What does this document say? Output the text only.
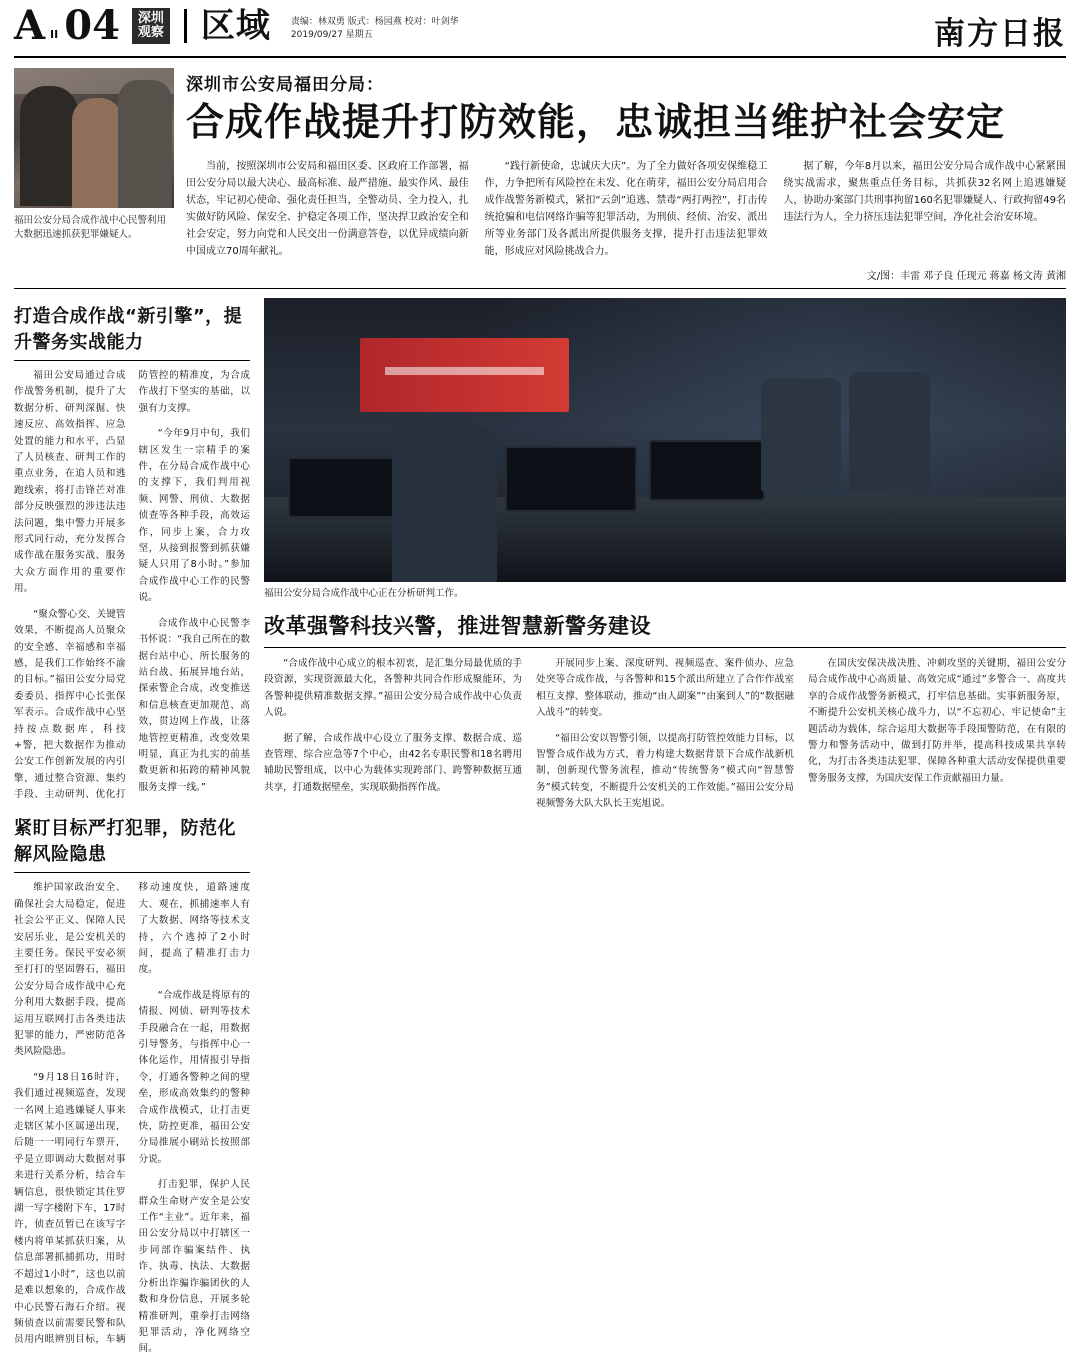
A II 04	深圳
观察 区域 责编：林双勇 版式：杨园燕 校对：叶剑华
2019/09/27 星期五	南方日报
福田公安分局合成作战中心民警利用大数据迅速抓获犯罪嫌疑人。
深圳市公安局福田分局：
合成作战提升打防效能，忠诚担当维护社会安定

当前，按照深圳市公安局和福田区委、区政府工作部署，福田公安分局以最大决心、最高标准、最严措施、最实作风、最佳状态，牢记初心使命、强化责任担当，全警动员、全力投入，扎实做好防风险、保安全、护稳定各项工作，坚决捍卫政治安全和社会安定，努力向党和人民交出一份满意答卷，以优异成绩向新中国成立70周年献礼。

“践行新使命，忠诚庆大庆”。为了全力做好各项安保维稳工作，力争把所有风险控在未发、化在萌芽，福田公安分局启用合成作战警务新模式，紧扣“云剑”追逃、禁毒“两打两控”，打击传统抢骗和电信网络诈骗等犯罪活动，为刑侦、经侦、治安、派出所等业务部门及各派出所提供服务支撑，提升打击违法犯罪效能，形成应对风险挑战合力。

据了解，今年8月以来，福田公安分局合成作战中心紧紧围绕实战需求，聚焦重点任务目标，共抓获32名网上追逃嫌疑人，协助办案部门共刑事拘留160名犯罪嫌疑人、行政拘留49名违法行为人，全力挤压违法犯罪空间，净化社会治安环境。

文/图：丰雷 邓子良 任现元 蒋嘉 杨文涛 黄湘
打造合成作战“新引擎”，提升警务实战能力

福田公安局通过合成作战警务机制，提升了大数据分析、研判深掘、快速反应、高效指挥、应急处置的能力和水平，凸显了人员核查、研判工作的重点业务，在追人员和逃跑线索，将打击锋芒对准部分反映强烈的涉违法违法问题，集中警力开展多形式同行动，充分发挥合成作战在服务实战、服务大众方面作用的重要作用。

“聚众警心交、关键管效果，不断提高人员聚众的安全感、幸福感和幸福感，是我们工作始终不渝的目标。”福田公安分局党委委员、指挥中心长张保军表示。合成作战中心坚持按点数据库，科技+警，把大数据作为推动公安工作创新发展的内引擎，通过整合资源、集约手段、主动研判、优化打防管控的精准度，为合成作战打下坚实的基础，以强有力支撑。

“今年9月中旬，我们辖区发生一宗精手的案件，在分局合成作战中心的支撑下，我们判用视频、网警、刑侦、大数据侦查等各种手段，高效运作，同步上案，合力攻坚，从接到报警到抓获嫌疑人只用了8小时。”参加合成作战中心工作的民警说。

合成作战中心民警李书怀说：“我自己所在的数据台站中心、所长服务的站台战、拓展异地台站，探索警企合成，改变推送和信息核查更加规范、高效，贯边网上作战，让落地管控更精准，改变效果明显，真正为扎实的前基数更新和拓跨的精神风貌服务支撑一线。”

紧盯目标严打犯罪，防范化解风险隐患

维护国家政治安全、确保社会大局稳定，促进社会公平正义、保障人民安居乐业，是公安机关的主要任务。保民平安必须至打打的坚固磐石，福田公安分局合成作战中心充分利用大数据手段，提高运用互联网打击各类违法犯罪的能力，严密防范各类风险隐患。

“9月18日16时许，我们通过视频巡查，发现一名网上追逃嫌疑人事来走辖区某小区属递出现，后随一一明同行车票开，乎是立即调动大数据对事来进行关系分析，结合车辆信息，很快锁定其住罗湖一写字楼附下车，17时许，侦查员暂已在该写字楼内将单某抓获归案，从信息部署抓捕抓功，用时不超过1小时”，这也以前是难以想象的，合成作战中心民警石海石介绍。视频侦查以前需要民警和队员用内眼辨别目标，车辆移动速度快，道路速度大、观在，抓捕速率人有了大数据、网络等技术支持，六个逃掉了2小时间，提高了精准打击力度。

“合成作战是将原有的情报、网侦、研判等技术手段融合在一起，用数据引导警务，与指挥中心一体化运作，用情报引导指令，打通各警种之间的壁垒，形成高效集约的警种合成作战模式，让打击更快，防控更准，福田公安分局推展小刷站长按照部分说。

打击犯罪，保护人民群众生命财产安全是公安工作“主业”。近年来，福田公安分局以中打辖区一步同部诈骗案结件、执诈、执毒、执法、大数据分析出诈骗诈骗团伙的人数和身份信息，开展多轮精准研判，重拳打击网络犯罪活动，净化网络空间。

福田公安分局合成作战中心正在分析研判工作。
改革强警科技兴警，推进智慧新警务建设

“合成作战中心成立的根本初衷，是汇集分局最优质的手段资源，实现资源最大化，各警种共同合作形成聚能环，为各警种提供精准数据支撑。”福田公安分局合成作战中心负责人说。

据了解，合成作战中心设立了服务支撑、数据合成、巡查管理、综合应急等7个中心，由42名专职民警和18名聘用辅助民警组成，以中心为载体实现跨部门、跨警种数据互通共享，打通数据壁垒，实现联勤指挥作战。

开展同步上案、深度研判、视频巡查、案件侦办、应急处突等合成作战，与各警种和15个派出所建立了合作作战室相互支撑、整体联动，推动“由人副案”“由案到人”的“数据融入战斗”的转变。

“福田公安以智警引领，以提高打防管控效能力目标，以智警合成作战为方式，着力构建大数据背景下合成作战新机制，创新现代警务流程，推动“传统警务”模式向“智慧警务”模式转变，不断提升公安机关的工作效能。”福田公安分局视频警务大队大队长王宪旭说。

在国庆安保决战决胜、冲刺攻坚的关键期，福田公安分局合成作战中心高质量、高效完成“通过”多警合一、高度共享的合成作战警务新模式，打牢信息基础。实事新服务原，不断提升公安机关核心战斗力，以“不忘初心、牢记使命”主题活动为载体，综合运用大数据等手段围警防范，在有限的警力和警务活动中，做到打防并举，提高科技成果共享转化，为打击各类违法犯罪、保障各种重大活动安保提供重要警务服务支撑，为国庆安保工作贡献福田力量。
